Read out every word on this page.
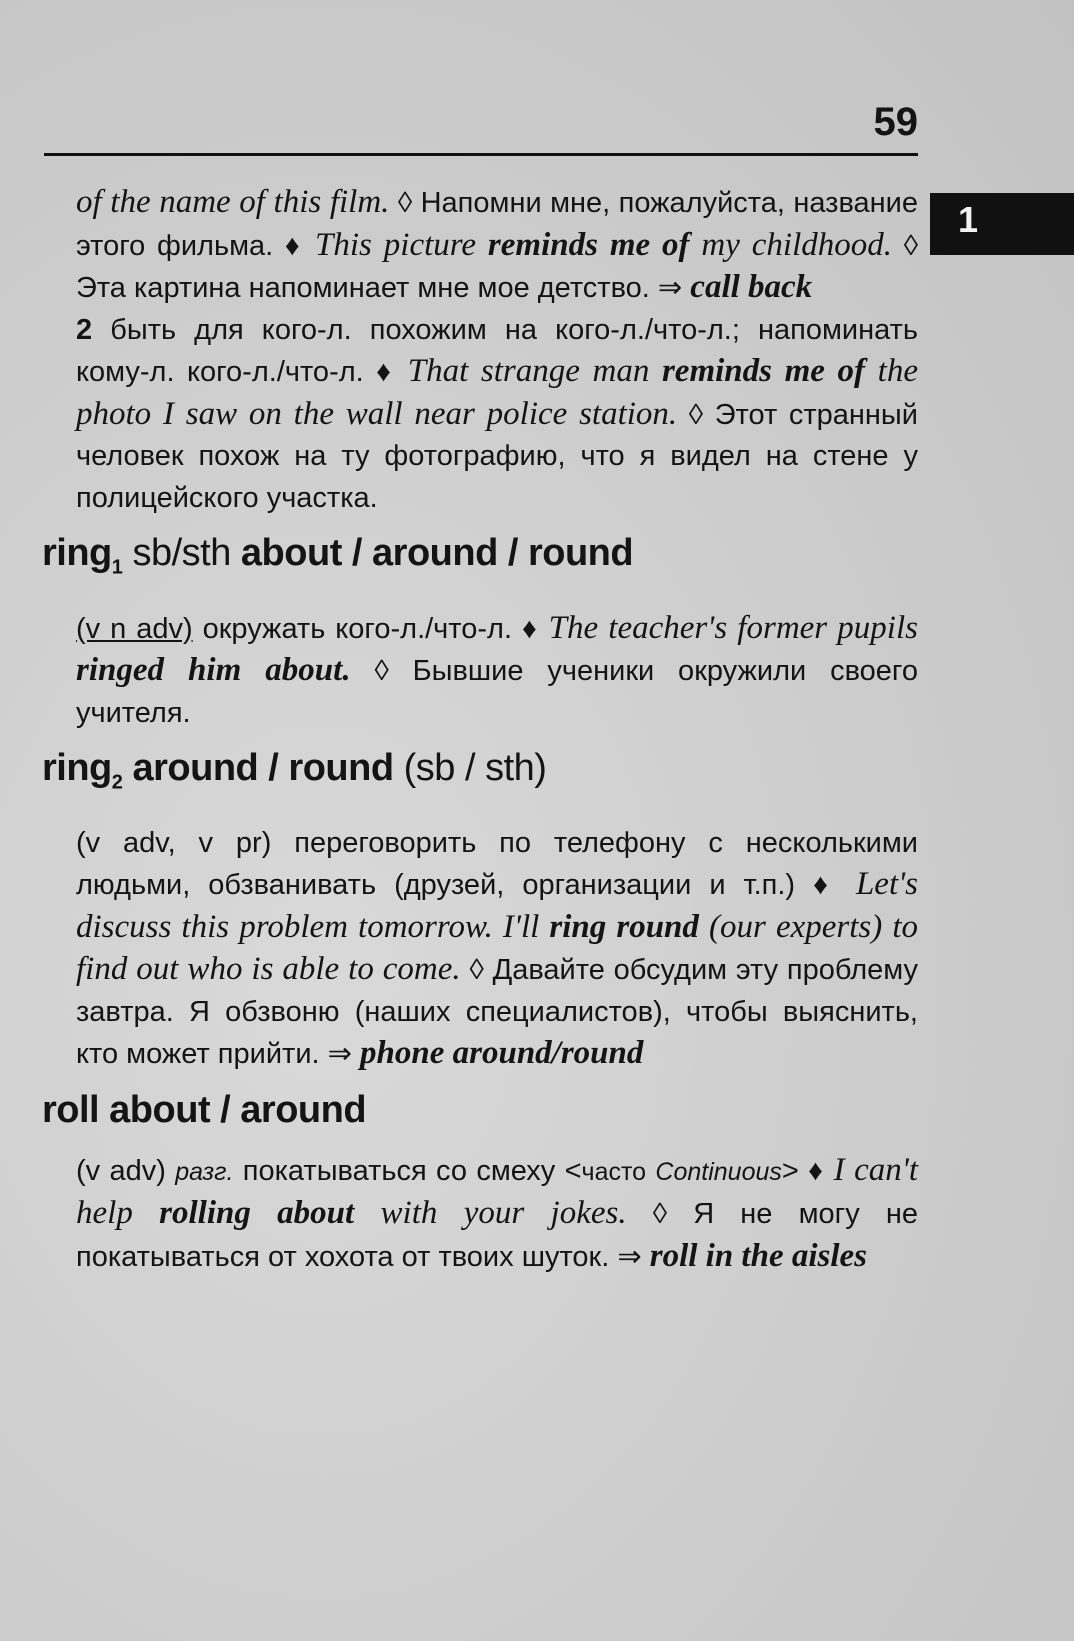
59
1

of the name of this film. ◊ Напомни мне, пожалуйста, название этого фильма. ♦ This picture reminds me of my childhood. ◊ Эта картина напоминает мне мое детство. ⇒ call back

2 быть для кого-л. похожим на кого-л./что-л.; напоминать кому-л. кого-л./что-л. ♦ That strange man reminds me of the photo I saw on the wall near police station. ◊ Этот странный человек похож на ту фотографию, что я видел на стене у полицейского участка.

ring$_1$ sb/sth about / around / round

(v n adv) окружать кого-л./что-л. ♦ The teacher's former pupils ringed him about. ◊ Бывшие ученики окружили своего учителя.

ring$_2$ around / round (sb / sth)

(v adv, v pr) переговорить по телефону с несколькими людьми, обзванивать (друзей, организации и т.п.) ♦ Let's discuss this problem tomorrow. I'll ring round (our experts) to find out who is able to come. ◊ Давайте обсудим эту проблему завтра. Я обзвоню (наших специалистов), чтобы выяснить, кто может прийти. ⇒ phone around/round

roll about / around

(v adv) разг. покатываться со смеху <часто Continuous> ♦ I can't help rolling about with your jokes. ◊ Я не могу не покатываться от хохота от твоих шуток. ⇒ roll in the aisles
